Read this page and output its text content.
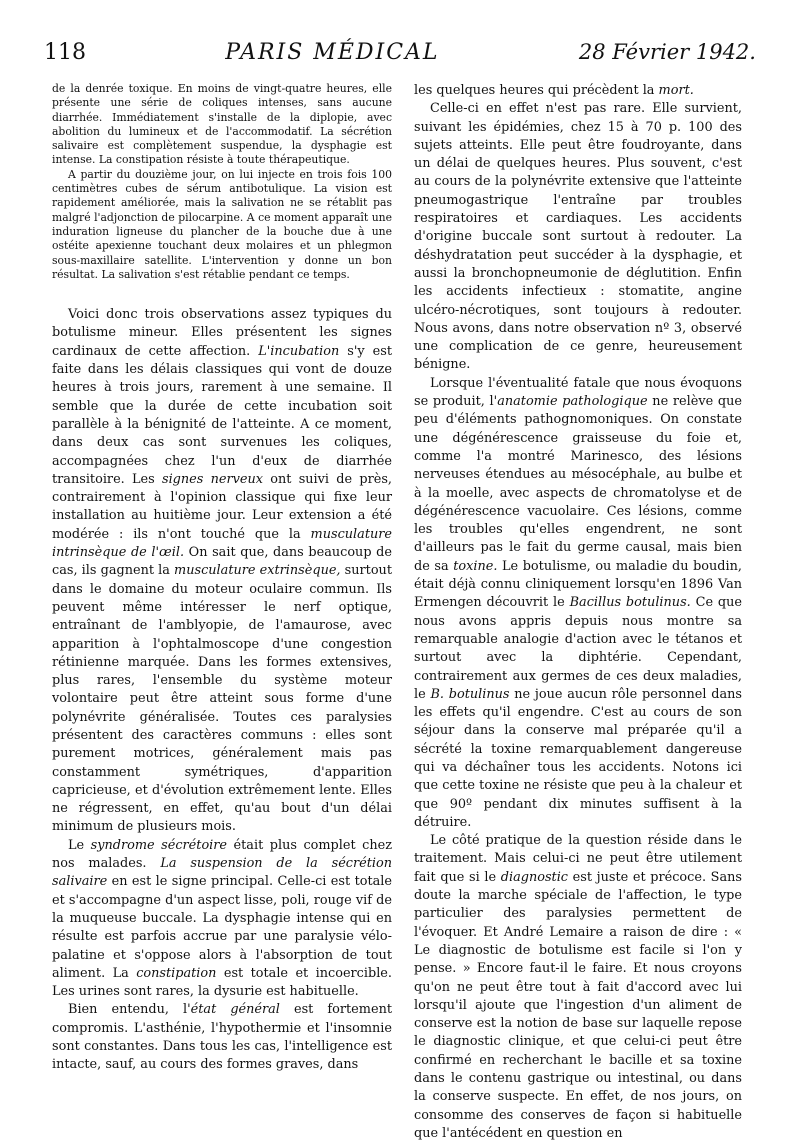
118	PARIS MÉDICAL	28 Février 1942.

de la denrée toxique. En moins de vingt-quatre heures, elle présente une série de coliques intenses, sans aucune diarrhée. Immédiatement s'installe de la diplopie, avec abolition du lumineux et de l'accommodatif. La sécrétion salivaire est complètement suspendue, la dysphagie est intense. La constipation résiste à toute thérapeutique.

A partir du douzième jour, on lui injecte en trois fois 100 centimètres cubes de sérum antibotulique. La vision est rapidement améliorée, mais la salivation ne se rétablit pas malgré l'adjonction de pilocarpine. A ce moment apparaît une induration ligneuse du plancher de la bouche due à une ostéite apexienne touchant deux molaires et un phlegmon sous-maxillaire satellite. L'intervention y donne un bon résultat. La salivation s'est rétablie pendant ce temps.

Voici donc trois observations assez typiques du botulisme mineur. Elles présentent les signes cardinaux de cette affection. L'incubation s'y est faite dans les délais classiques qui vont de douze heures à trois jours, rarement à une semaine. Il semble que la durée de cette incubation soit parallèle à la bénignité de l'atteinte. A ce moment, dans deux cas sont survenues les coliques, accompagnées chez l'un d'eux de diarrhée transitoire. Les signes nerveux ont suivi de près, contrairement à l'opinion classique qui fixe leur installation au huitième jour. Leur extension a été modérée : ils n'ont touché que la musculature intrinsèque de l'œil. On sait que, dans beaucoup de cas, ils gagnent la musculature extrinsèque, surtout dans le domaine du moteur oculaire commun. Ils peuvent même intéresser le nerf optique, entraînant de l'amblyopie, de l'amaurose, avec apparition à l'ophtalmoscope d'une congestion rétinienne marquée. Dans les formes extensives, plus rares, l'ensemble du système moteur volontaire peut être atteint sous forme d'une polynévrite généralisée. Toutes ces paralysies présentent des caractères communs : elles sont purement motrices, généralement mais pas constamment symétriques, d'apparition capricieuse, et d'évolution extrêmement lente. Elles ne régressent, en effet, qu'au bout d'un délai minimum de plusieurs mois.

Le syndrome sécrétoire était plus complet chez nos malades. La suspension de la sécrétion salivaire en est le signe principal. Celle-ci est totale et s'accompagne d'un aspect lisse, poli, rouge vif de la muqueuse buccale. La dysphagie intense qui en résulte est parfois accrue par une paralysie vélo-palatine et s'oppose alors à l'absorption de tout aliment. La constipation est totale et incoercible. Les urines sont rares, la dysurie est habituelle.

Bien entendu, l'état général est fortement compromis. L'asthénie, l'hypothermie et l'insomnie sont constantes. Dans tous les cas, l'intelligence est intacte, sauf, au cours des formes graves, dans

les quelques heures qui précèdent la mort.

Celle-ci en effet n'est pas rare. Elle survient, suivant les épidémies, chez 15 à 70 p. 100 des sujets atteints. Elle peut être foudroyante, dans un délai de quelques heures. Plus souvent, c'est au cours de la polynévrite extensive que l'atteinte pneumogastrique l'entraîne par troubles respiratoires et cardiaques. Les accidents d'origine buccale sont surtout à redouter. La déshydratation peut succéder à la dysphagie, et aussi la bronchopneumonie de déglutition. Enfin les accidents infectieux : stomatite, angine ulcéro-nécrotiques, sont toujours à redouter. Nous avons, dans notre observation nº 3, observé une complication de ce genre, heureusement bénigne.

Lorsque l'éventualité fatale que nous évoquons se produit, l'anatomie pathologique ne relève que peu d'éléments pathognomoniques. On constate une dégénérescence graisseuse du foie et, comme l'a montré Marinesco, des lésions nerveuses étendues au mésocéphale, au bulbe et à la moelle, avec aspects de chromatolyse et de dégénérescence vacuolaire. Ces lésions, comme les troubles qu'elles engendrent, ne sont d'ailleurs pas le fait du germe causal, mais bien de sa toxine. Le botulisme, ou maladie du boudin, était déjà connu cliniquement lorsqu'en 1896 Van Ermengen découvrit le Bacillus botulinus. Ce que nous avons appris depuis nous montre sa remarquable analogie d'action avec le tétanos et surtout avec la diphtérie. Cependant, contrairement aux germes de ces deux maladies, le B. botulinus ne joue aucun rôle personnel dans les effets qu'il engendre. C'est au cours de son séjour dans la conserve mal préparée qu'il a sécrété la toxine remarquablement dangereuse qui va déchaîner tous les accidents. Notons ici que cette toxine ne résiste que peu à la chaleur et que 90º pendant dix minutes suffisent à la détruire.

Le côté pratique de la question réside dans le traitement. Mais celui-ci ne peut être utilement fait que si le diagnostic est juste et précoce. Sans doute la marche spéciale de l'affection, le type particulier des paralysies permettent de l'évoquer. Et André Lemaire a raison de dire : « Le diagnostic de botulisme est facile si l'on y pense. » Encore faut-il le faire. Et nous croyons qu'on ne peut être tout à fait d'accord avec lui lorsqu'il ajoute que l'ingestion d'un aliment de conserve est la notion de base sur laquelle repose le diagnostic clinique, et que celui-ci peut être confirmé en recherchant le bacille et sa toxine dans le contenu gastrique ou intestinal, ou dans la conserve suspecte. En effet, de nos jours, on consomme des conserves de façon si habituelle que l'antécédent en question en
